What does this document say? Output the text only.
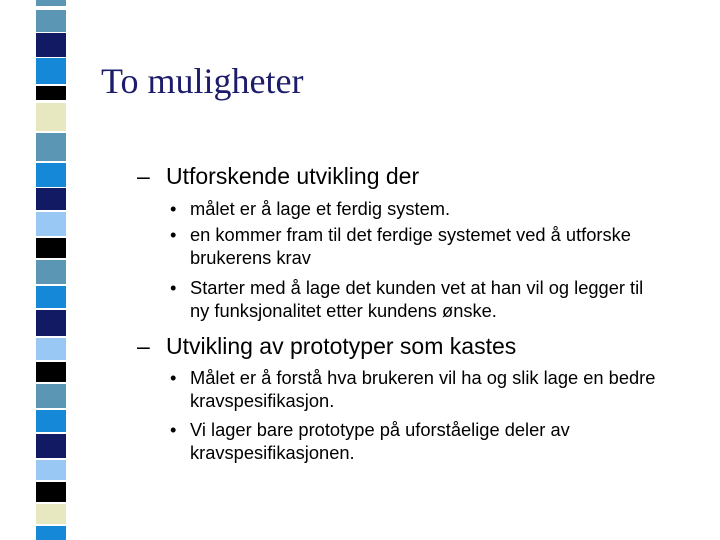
To muligheter
– Utforskende utvikling der
• målet er å lage et ferdig system.
• en kommer fram til det ferdige systemet ved å utforske
brukerens krav
• Starter med å lage det kunden vet at han vil og legger til
ny funksjonalitet etter kundens ønske.
– Utvikling av prototyper som kastes
• Målet er å forstå hva brukeren vil ha og slik lage en bedre
kravspesifikasjon.
• Vi lager bare prototype på uforståelige deler av
kravspesifikasjonen.
